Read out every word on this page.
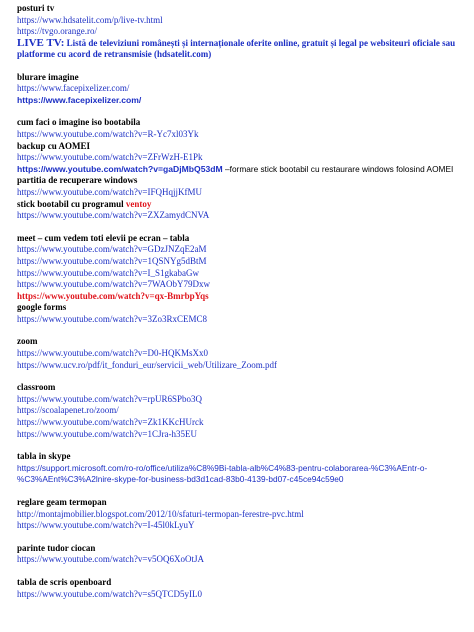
posturi tv
https://www.hdsatelit.com/p/live-tv.html
https://tvgo.orange.ro/
LIVE TV: Listă de televiziuni românești și internaționale oferite online, gratuit și legal pe websiteuri oficiale sau platforme cu acord de retransmisie (hdsatelit.com)
blurare imagine
https://www.facepixelizer.com/
https://www.facepixelizer.com/
cum faci o imagine iso bootabila
https://www.youtube.com/watch?v=R-Yc7xl03Yk
backup cu AOMEI
https://www.youtube.com/watch?v=ZFrWzH-E1Pk
https://www.youtube.com/watch?v=gaDjMbQ53dM –formare stick bootabil cu restaurare windows folosind AOMEI
partitia de recuperare windows
https://www.youtube.com/watch?v=IFQHqjjKfMU
stick bootabil cu programul ventoy
https://www.youtube.com/watch?v=ZXZamydCNVA
meet – cum vedem toti elevii pe ecran – tabla
https://www.youtube.com/watch?v=GDzJNZqE2aM
https://www.youtube.com/watch?v=1QSNYg5dBtM
https://www.youtube.com/watch?v=I_S1gkabaGw
https://www.youtube.com/watch?v=7WAObY79Dxw
https://www.youtube.com/watch?v=qx-BmrbpYqs
google forms
https://www.youtube.com/watch?v=3Zo3RxCEMC8
zoom
https://www.youtube.com/watch?v=D0-HQKMsXx0
https://www.ucv.ro/pdf/it_fonduri_eur/servicii_web/Utilizare_Zoom.pdf
classroom
https://www.youtube.com/watch?v=rpUR6SPbo3Q
https://scoalapenet.ro/zoom/
https://www.youtube.com/watch?v=Zk1KKcHUrck
https://www.youtube.com/watch?v=1CJra-h35EU
tabla in skype
https://support.microsoft.com/ro-ro/office/utiliza%C8%9Bi-tabla-alb%C4%83-pentru-colaborarea-%C3%AEntr-o-
%C3%AEnt%C3%A2lnire-skype-for-business-bd3d1cad-83b0-4139-bd07-c45ce94c59e0
reglare geam termopan
http://montajmobilier.blogspot.com/2012/10/sfaturi-termopan-ferestre-pvc.html
https://www.youtube.com/watch?v=I-45l0kLyuY
parinte tudor ciocan
https://www.youtube.com/watch?v=v5OQ6XoOtJA
tabla de scris openboard
https://www.youtube.com/watch?v=s5QTCD5yIL0
